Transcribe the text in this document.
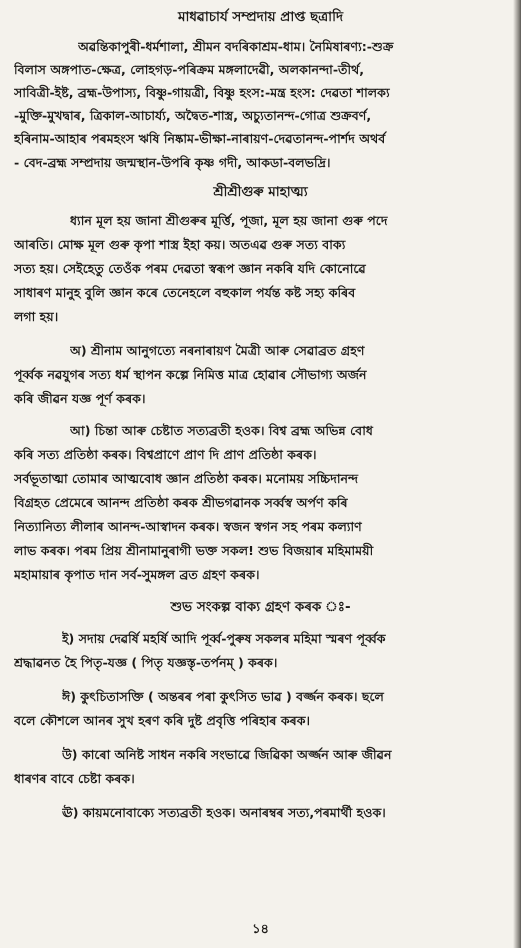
মাধৱাচাৰ্য সম্প্ৰদায় প্ৰাপ্ত ছত্ৰাদি
অৱন্তিকাপুৰী-ধৰ্মশালা, শ্ৰীমন বদৰিকাশ্ৰম-ধাম। নৈমিষাৰণ্য:-শুক্ৰ
বিলাস অঙ্গপাত-ক্ষেত্ৰ, লোহগড়-পৰিক্ৰম মঙ্গলাদেৱী, অলকানন্দা-তীৰ্থ,
সাবিত্ৰী-ইষ্ট, ব্ৰহ্ম-উপাস্য, বিষ্ণু-গায়ত্ৰী, বিষ্ণু হংস:-মন্ত্ৰ হংস: দেৱতা শালক্য
-মুক্তি-মুখদ্বাৰ, ত্ৰিকাল-আচাৰ্য্য, অদ্বৈত-শাস্ত্ৰ, অচ্যুতানন্দ-গোত্ৰ শুক্ৰবৰ্ণ,
হৰিনাম-আহাৰ পৰমহংস ঋষি নিষ্কাম-ভীক্ষা-নাৰায়ণ-দেৱতানন্দ-পাৰ্শদ অথৰ্ব
- বেদ-ব্ৰহ্ম সম্প্ৰদায় জন্মস্থান-উপৰি কৃষ্ণ গদী, আকডা-বলভদ্ৰি।
শ্ৰীশ্ৰীগুৰু মাহাত্ম্য
ধ্যান মূল হয় জানা শ্ৰীগুৰুৰ মূৰ্ত্তি, পূজা, মূল হয় জানা গুৰু পদে
আৰতি। মোক্ষ মূল গুৰু কৃপা শাস্ত্ৰ ইহা কয়। অতএৱ গুৰু সত্য বাক্য
সত্য হয়। সেইহেতু তেওঁক পৰম দেৱতা স্বৰূপ জ্ঞান নকৰি যদি কোনোৱে
সাধাৰণ মানুহ বুলি জ্ঞান কৰে তেনেহলে বহুকাল পৰ্যন্ত কষ্ট সহ্য কৰিব
লগা হয়।
অ) শ্ৰীনাম আনুগত্যে নৰনাৰায়ণ মৈত্ৰী আৰু সেৱাব্ৰত গ্ৰহণ
পূৰ্ব্বক নৱযুগৰ সত্য ধৰ্ম স্থাপন কল্পে নিমিত্ত মাত্ৰ হোৱাৰ সৌভাগ্য অৰ্জন
কৰি জীৱন যজ্ঞ পূৰ্ণ কৰক।
আ) চিন্তা আৰু চেষ্টাত সত্যব্ৰতী হওক। বিশ্ব ব্ৰহ্ম অভিন্ন বোধ
কৰি সত্য প্ৰতিষ্ঠা কৰক। বিশ্বপ্ৰাণে প্ৰাণ দি প্ৰাণ প্ৰতিষ্ঠা কৰক।
সৰ্বভূতাত্মা তোমাৰ আত্মবোধ জ্ঞান প্ৰতিষ্ঠা কৰক। মনোময় সচ্চিদানন্দ
বিগ্ৰহত প্ৰেমেৰে আনন্দ প্ৰতিষ্ঠা কৰক শ্ৰীভগৱানক সৰ্ব্বস্ব অৰ্পণ কৰি
নিত্যানিত্য লীলাৰ আনন্দ-আস্বাদন কৰক। স্বজন স্বগন সহ পৰম কল্যাণ
লাভ কৰক। পৰম প্ৰিয় শ্ৰীনামানুৰাগী ভক্ত সকল! শুভ বিজয়াৰ মহিমাময়ী
মহামায়াৰ কৃপাত দান সৰ্ব-সুমঙ্গল ব্ৰত গ্ৰহণ কৰক।
শুভ সংকল্প বাক্য গ্ৰহণ কৰক ঃ-
ই) সদায় দেৱৰ্ষি মহৰ্ষি আদি পূৰ্ব্ব-পুৰুষ সকলৰ মহিমা স্মৰণ পূৰ্ব্বক
শ্ৰদ্ধাৱনত হৈ পিতৃ-যজ্ঞ ( পিতৃ যজ্ঞস্তৃ-তৰ্পনম্ ) কৰক।
ঈ) কুৎচিতাসক্তি ( অন্তৰৰ পৰা কুৎসিত ভাৱ ) বৰ্জ্জন কৰক। ছলে
বলে কৌশলে আনৰ সুখ হৰণ কৰি দুষ্ট প্ৰবৃত্তি পৰিহাৰ কৰক।
উ) কাৰো অনিষ্ট সাধন নকৰি সংভাৱে জিৱিকা অৰ্জ্জন আৰু জীৱন
ধাৰণৰ বাবে চেষ্টা কৰক।
ঊ) কায়মনোবাক্যে সত্যব্ৰতী হওক। অনাৰম্বৰ সত্য,পৰমাৰ্থী হওক।
১৪
